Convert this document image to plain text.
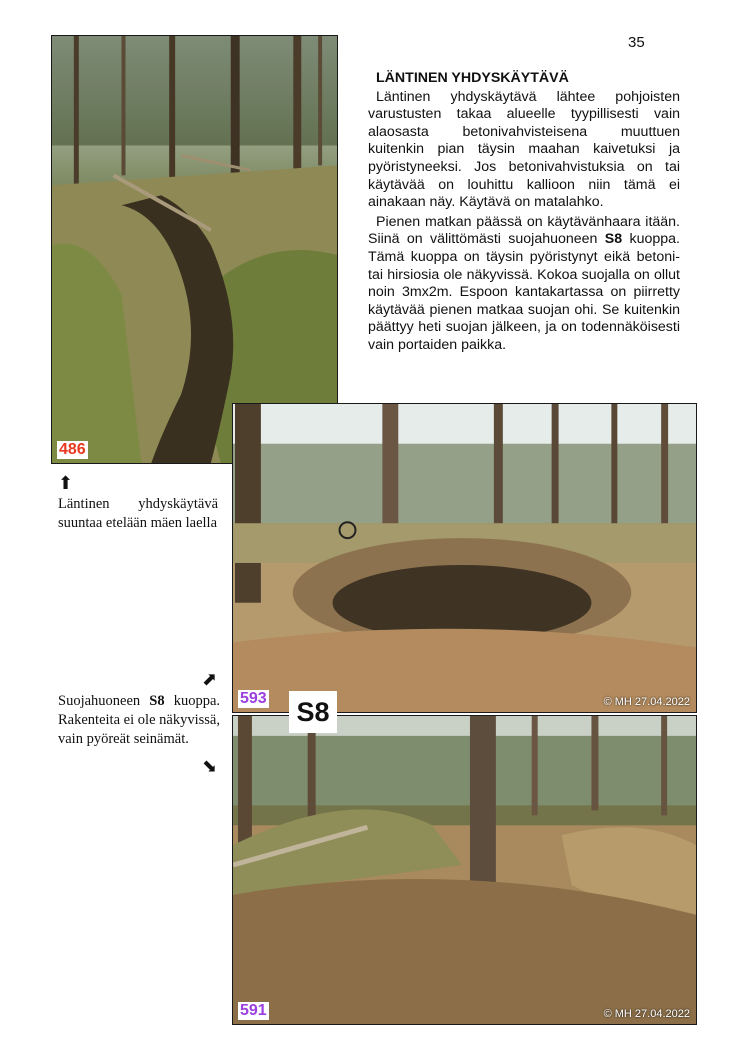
35
486
LÄNTINEN YHDYSKÄYTÄVÄ

Läntinen yhdyskäytävä lähtee pohjoisten varustusten takaa alueelle tyypillisesti vain alaosasta betonivahvisteisena muuttuen kuitenkin pian täysin maahan kaivetuksi ja pyöristyneeksi. Jos betonivahvistuksia on tai käytävää on louhittu kallioon niin tämä ei ainakaan näy. Käytävä on matalahko.

Pienen matkan päässä on käytävänhaara itään. Siinä on välittömästi suojahuoneen S8 kuoppa. Tämä kuoppa on täysin pyöristynyt eikä betoni- tai hirsiosia ole näkyvissä. Kokoa suojalla on ollut noin 3mx2m. Espoon kantakartassa on piirretty käytävää pienen matkaa suojan ohi. Se kuitenkin päättyy heti suojan jälkeen, ja on todennäköisesti vain portaiden paikka.

593	© MH 27.04.2022
591	© MH 27.04.2022
S8
⬆
Läntinen yhdyskäytävä suuntaa etelään mäen laella
⬈
Suojahuoneen S8 kuoppa. Rakenteita ei ole näkyvissä, vain pyöreät seinämät.
⬊
